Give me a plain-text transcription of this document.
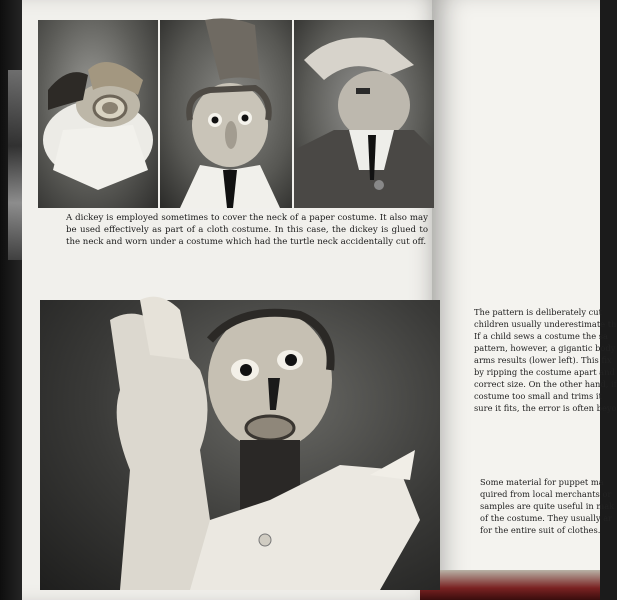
A dickey is employed sometimes to cover the neck of a paper costume. It also may be used effectively as part of a cloth costume. In this case, the dickey is glued to the neck and worn under a costume which had the turtle neck accidentally cut off.
The pattern is deliberately cut
children usually underestimate th
If a child sews a costume the sa
pattern, however, a gigantic body
arms results (lower left). This fix
by ripping the costume apart and
correct size. On the other hand, if
costume too small and trims it
sure it fits, the error is often beyo
Some material for puppet ma
quired from local merchants or
samples are quite useful in mak
of the costume. They usually ar
for the entire suit of clothes.
